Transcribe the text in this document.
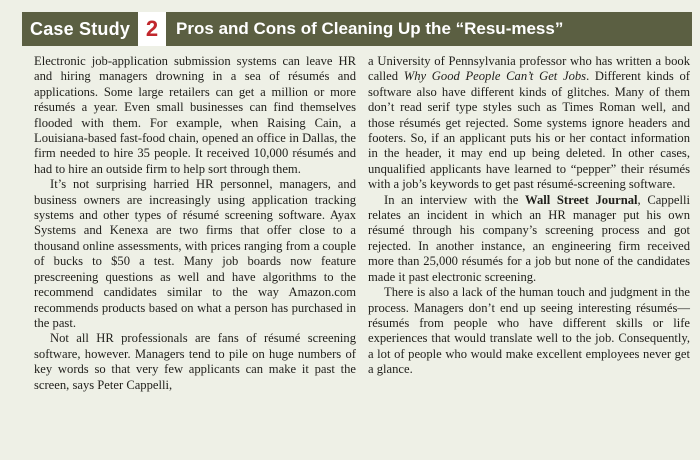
Case Study 2	Pros and Cons of Cleaning Up the “Resu-mess”

Electronic job-application submission systems can leave HR and hiring managers drowning in a sea of résumés and applications. Some large retailers can get a million or more résumés a year. Even small businesses can find themselves flooded with them. For example, when Raising Cain, a Louisiana-based fast-food chain, opened an office in Dallas, the firm needed to hire 35 people. It received 10,000 résumés and had to hire an outside firm to help sort through them.

It’s not surprising harried HR personnel, managers, and business owners are increasingly using application tracking systems and other types of résumé screening software. Ayax Systems and Kenexa are two firms that offer close to a thousand online assessments, with prices ranging from a couple of bucks to $50 a test. Many job boards now feature prescreening questions as well and have algorithms to the recommend candidates similar to the way Amazon.com recommends products based on what a person has purchased in the past.

Not all HR professionals are fans of résumé screening software, however. Managers tend to pile on huge numbers of key words so that very few applicants can make it past the screen, says Peter Cappelli,

a University of Pennsylvania professor who has written a book called Why Good People Can’t Get Jobs. Different kinds of software also have different kinds of glitches. Many of them don’t read serif type styles such as Times Roman well, and those résumés get rejected. Some systems ignore headers and footers. So, if an applicant puts his or her contact information in the header, it may end up being deleted. In other cases, unqualified applicants have learned to “pepper” their résumés with a job’s keywords to get past résumé-screening software.

In an interview with the Wall Street Journal, Cappelli relates an incident in which an HR manager put his own résumé through his company’s screening process and got rejected. In another instance, an engineering firm received more than 25,000 résumés for a job but none of the candidates made it past electronic screening.

There is also a lack of the human touch and judgment in the process. Managers don’t end up seeing interesting résumés—résumés from people who have different skills or life experiences that would translate well to the job. Consequently, a lot of people who would make excellent employees never get a glance.
